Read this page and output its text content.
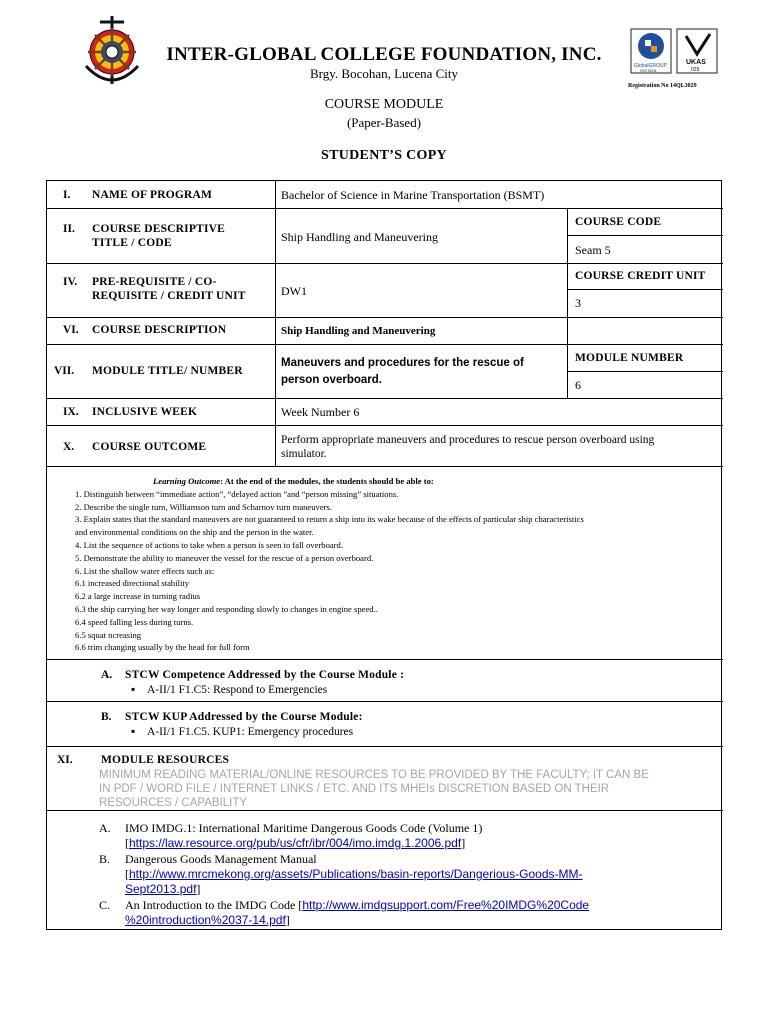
GlobalGROUP
ISO 9001
UKAS
029
INTER-GLOBAL COLLEGE FOUNDATION, INC.
Brgy. Bocohan, Lucena City
Registration No 14QL3029
COURSE MODULE
(Paper-Based)
STUDENT’S COPY
I. NAME OF PROGRAM	Bachelor of Science in Marine Transportation (BSMT)
II. COURSE DESCRIPTIVE
TITLE / CODE	Ship Handling and Maneuvering
COURSE CODE
Seam 5
IV. PRE-REQUISITE / CO-
REQUISITE / CREDIT UNIT	DW1
COURSE CREDIT UNIT
3
VI. COURSE DESCRIPTION	Ship Handling and Maneuvering
VII. MODULE TITLE/ NUMBER
Maneuvers and procedures for the rescue of
person overboard.
MODULE NUMBER
6
IX. INCLUSIVE WEEK	Week Number 6
X. COURSE OUTCOME
Perform appropriate maneuvers and procedures to rescue person overboard using
simulator.
Learning Outcome: At the end of the modules, the students should be able to:
1. Distinguish between “immediate action”, “delayed action ”and “person missing” situations.
2. Describe the single turn, Williamson turn and Scharnov turn maneuvers.
3. Explain states that the standard maneuvers are not guaranteed to return a ship into its wake because of the effects of particular ship characteristics
and environmental conditions on the ship and the person in the water.
4. List the sequence of actions to take when a person is seen to fall overboard.
5. Demonstrate the ability to maneuver the vessel for the rescue of a person overboard.
6. List the shallow water effects such as:
6.1 increased directional stability
6.2 a large increase in turning radius
6.3 the ship carrying her way longer and responding slowly to changes in engine speed..
6.4 speed falling less during turns.
6.5 squat ncreasing
6.6 trim changing usually by the head for full form
A. STCW Competence Addressed by the Course Module :
▪ A-II/1 F1.C5: Respond to Emergencies
B. STCW KUP Addressed by the Course Module:
▪ A-II/1 F1.C5. KUP1: Emergency procedures
XI. MODULE RESOURCES
MINIMUM READING MATERIAL/ONLINE RESOURCES TO BE PROVIDED BY THE FACULTY; IT CAN BE
IN PDF / WORD FILE / INTERNET LINKS / ETC. AND ITS MHEIs DISCRETION BASED ON THEIR
RESOURCES / CAPABILITY
A. IMO IMDG.1: International Maritime Dangerous Goods Code (Volume 1)
[https://law.resource.org/pub/us/cfr/ibr/004/imo.imdg.1.2006.pdf]
B. Dangerous Goods Management Manual
[http://www.mrcmekong.org/assets/Publications/basin-reports/Dangerious-Goods-MM-
Sept2013.pdf]
C. An Introduction to the IMDG Code [http://www.imdgsupport.com/Free%20IMDG%20Code
%20introduction%2037-14.pdf]
